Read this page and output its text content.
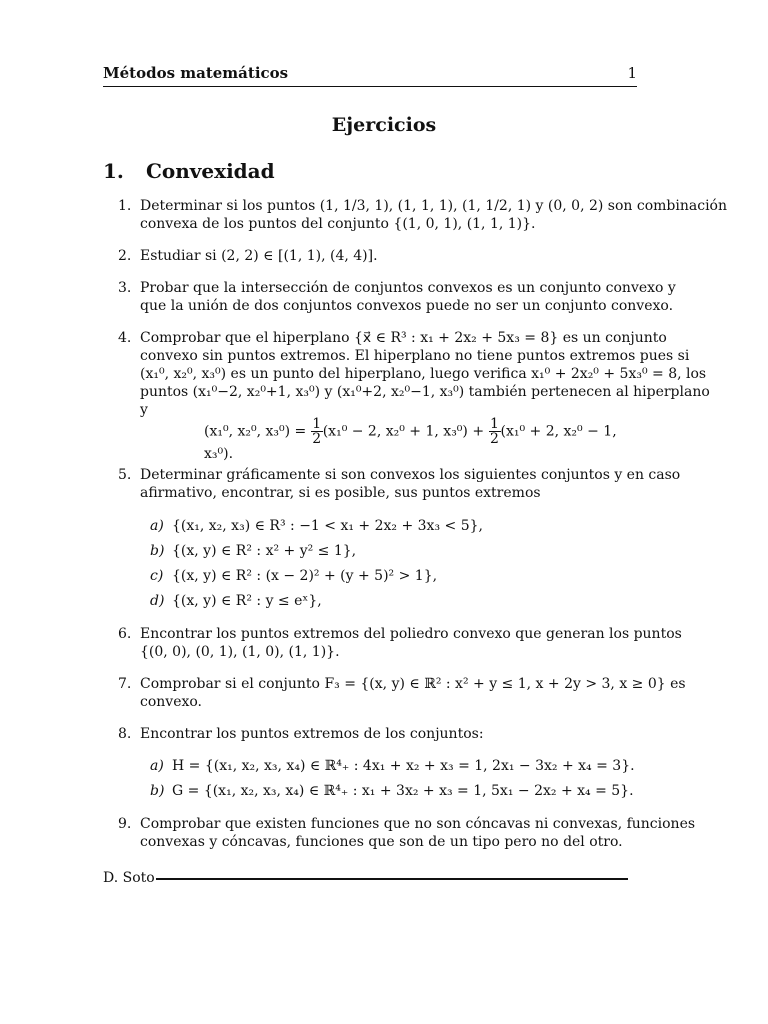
Métodos matemáticos	1
Ejercicios
1. Convexidad
1. Determinar si los puntos (1, 1/3, 1), (1, 1, 1), (1, 1/2, 1) y (0, 0, 2) son combinación
convexa de los puntos del conjunto {(1, 0, 1), (1, 1, 1)}.
2. Estudiar si (2, 2) ∈ [(1, 1), (4, 4)].
3. Probar que la intersección de conjuntos convexos es un conjunto convexo y
que la unión de dos conjuntos convexos puede no ser un conjunto convexo.
4. Comprobar que el hiperplano {x⃗ ∈ R³ : x₁ + 2x₂ + 5x₃ = 8} es un conjunto
convexo sin puntos extremos. El hiperplano no tiene puntos extremos pues si
(x₁⁰, x₂⁰, x₃⁰) es un punto del hiperplano, luego verifica x₁⁰ + 2x₂⁰ + 5x₃⁰ = 8, los
puntos (x₁⁰−2, x₂⁰+1, x₃⁰) y (x₁⁰+2, x₂⁰−1, x₃⁰) también pertenecen al hiperplano
y
(x₁⁰, x₂⁰, $x_3^0) = \frac{1}{2} (x_1^0 - 2$, x₂⁰ + 1, $x_3^0) + \frac{1}{2} (x_1^0 + 2$, x₂⁰ − 1, x₃⁰).
5. Determinar gráficamente si son convexos los siguientes conjuntos y en caso
afirmativo, encontrar, si es posible, sus puntos extremos
a) {(x₁, x₂, x₃) ∈ R³ : −1 < x₁ + 2x₂ + 3x₃ < 5},
b) {(x, y) ∈ R² : x² + y² ≤ 1},
c) {(x, y) ∈ R² : (x − 2)² + (y + 5)² > 1},
d) {(x, y) ∈ R² : y ≤ eˣ},
6. Encontrar los puntos extremos del poliedro convexo que generan los puntos
{(0, 0), (0, 1), (1, 0), (1, 1)}.
7. Comprobar si el conjunto F₃ = {(x, y) ∈ ℝ² : x² + y ≤ 1, x + 2y > 3, x ≥ 0} es
convexo.
8. Encontrar los puntos extremos de los conjuntos:
a) H = {(x₁, x₂, x₃, x₄) ∈ ℝ⁴₊ : 4x₁ + x₂ + x₃ = 1, 2x₁ − 3x₂ + x₄ = 3}.
b) G = {(x₁, x₂, x₃, x₄) ∈ ℝ⁴₊ : x₁ + 3x₂ + x₃ = 1, 5x₁ − 2x₂ + x₄ = 5}.
9. Comprobar que existen funciones que no son cóncavas ni convexas, funciones
convexas y cóncavas, funciones que son de un tipo pero no del otro.
D. Soto
